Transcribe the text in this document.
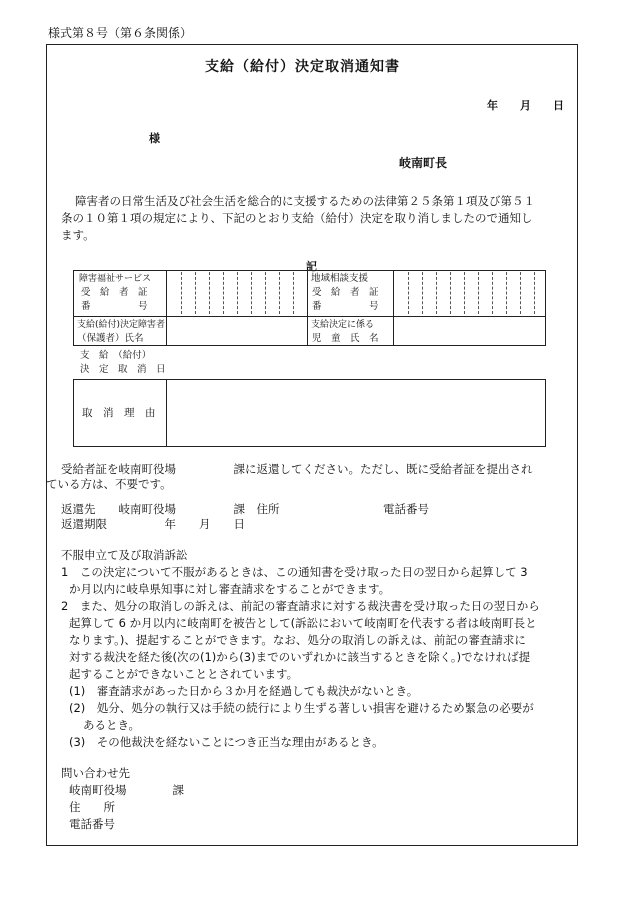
様式第８号（第６条関係）
支給（給付）決定取消通知書
年　　月　　日
様
岐南町長
障害者の日常生活及び社会生活を総合的に支援するための法律第２５条第１項及び第５１
条の１０第１項の規定により、下記のとおり支給（給付）決定を取り消しましたので通知し
ます。
記
障害福祉サービス
受　給　者　証
番　　　　　号
地域相談支援
受　給　者　証
番　　　　　号
支給(給付)決定障害者
（保護者）氏名
支給決定に係る
児　童　氏　名
支　給　（給付）
決　定　取　消　日
取　消　理　由
受給者証を岐南町役場　　　　　課に返還してください。ただし、既に受給者証を提出され
ている方は、不要です。
返還先　　岐南町役場　　　　　課　住所　　　　　　　　　電話番号
返還期限　　　　　年　　月　　日
不服申立て及び取消訴訟
1　この決定について不服があるときは、この通知書を受け取った日の翌日から起算して 3
か月以内に岐阜県知事に対し審査請求をすることができます。
2　また、処分の取消しの訴えは、前記の審査請求に対する裁決書を受け取った日の翌日から
起算して 6 か月以内に岐南町を被告として(訴訟において岐南町を代表する者は岐南町長と
なります。)、提起することができます。なお、処分の取消しの訴えは、前記の審査請求に
対する裁決を経た後(次の(1)から(3)までのいずれかに該当するときを除く。)でなければ提
起することができないこととされています。
(1)　審査請求があった日から３か月を経過しても裁決がないとき。
(2)　処分、処分の執行又は手続の続行により生ずる著しい損害を避けるため緊急の必要が
あるとき。
(3)　その他裁決を経ないことにつき正当な理由があるとき。
問い合わせ先
岐南町役場　　　　課
住　　所
電話番号
